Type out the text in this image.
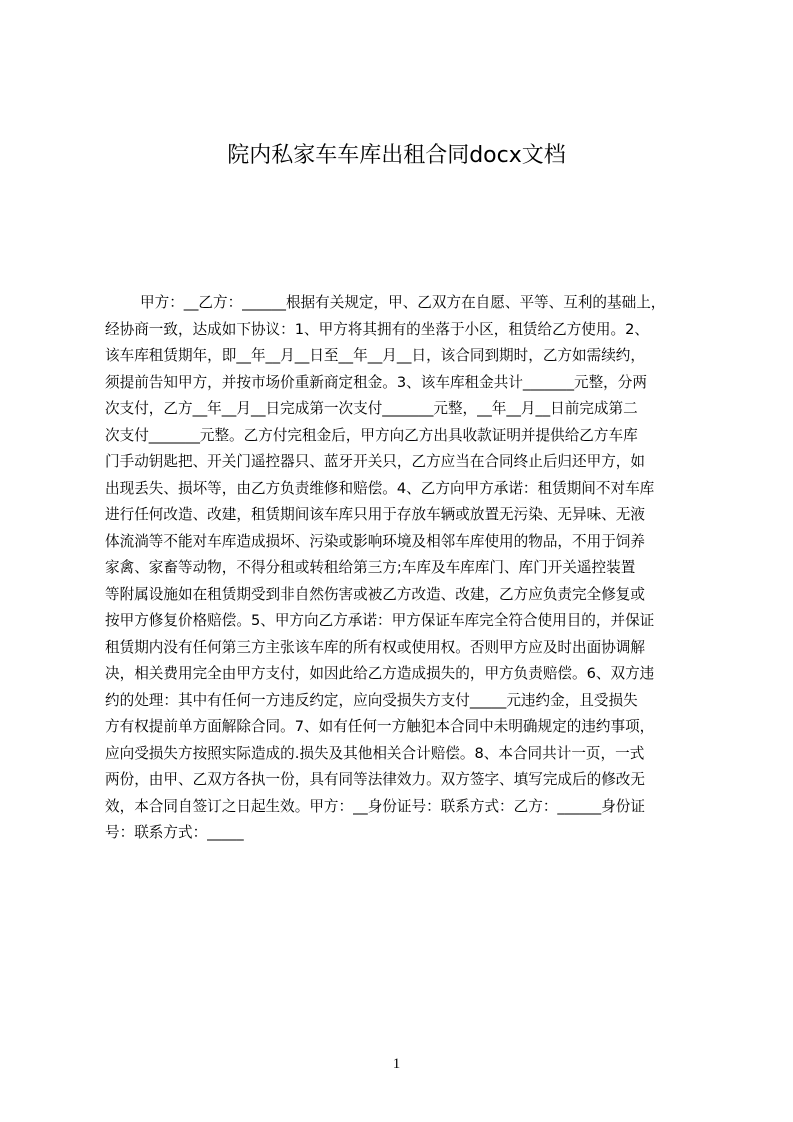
院内私家车车库出租合同docx文档
甲方：__乙方：______根据有关规定，甲、乙双方在自愿、平等、互利的基础上，
经协商一致，达成如下协议：1、甲方将其拥有的坐落于小区，租赁给乙方使用。2、
该车库租赁期年，即__年__月__日至__年__月__日，该合同到期时，乙方如需续约，
须提前告知甲方，并按市场价重新商定租金。3、该车库租金共计_______元整，分两
次支付，乙方__年__月__日完成第一次支付_______元整，__年__月__日前完成第二
次支付_______元整。乙方付完租金后，甲方向乙方出具收款证明并提供给乙方车库
门手动钥匙把、开关门遥控器只、蓝牙开关只，乙方应当在合同终止后归还甲方，如
出现丢失、损坏等，由乙方负责维修和赔偿。4、乙方向甲方承诺：租赁期间不对车库
进行任何改造、改建，租赁期间该车库只用于存放车辆或放置无污染、无异味、无液
体流淌等不能对车库造成损坏、污染或影响环境及相邻车库使用的物品，不用于饲养
家禽、家畜等动物，不得分租或转租给第三方;车库及车库库门、库门开关遥控装置
等附属设施如在租赁期受到非自然伤害或被乙方改造、改建，乙方应负责完全修复或
按甲方修复价格赔偿。5、甲方向乙方承诺：甲方保证车库完全符合使用目的，并保证
租赁期内没有任何第三方主张该车库的所有权或使用权。否则甲方应及时出面协调解
决，相关费用完全由甲方支付，如因此给乙方造成损失的，甲方负责赔偿。6、双方违
约的处理：其中有任何一方违反约定，应向受损失方支付_____元违约金，且受损失
方有权提前单方面解除合同。7、如有任何一方触犯本合同中未明确规定的违约事项，
应向受损失方按照实际造成的.损失及其他相关合计赔偿。8、本合同共计一页，一式
两份，由甲、乙双方各执一份，具有同等法律效力。双方签字、填写完成后的修改无
效，本合同自签订之日起生效。甲方：__身份证号：联系方式：乙方：______身份证
号：联系方式：_____
1
